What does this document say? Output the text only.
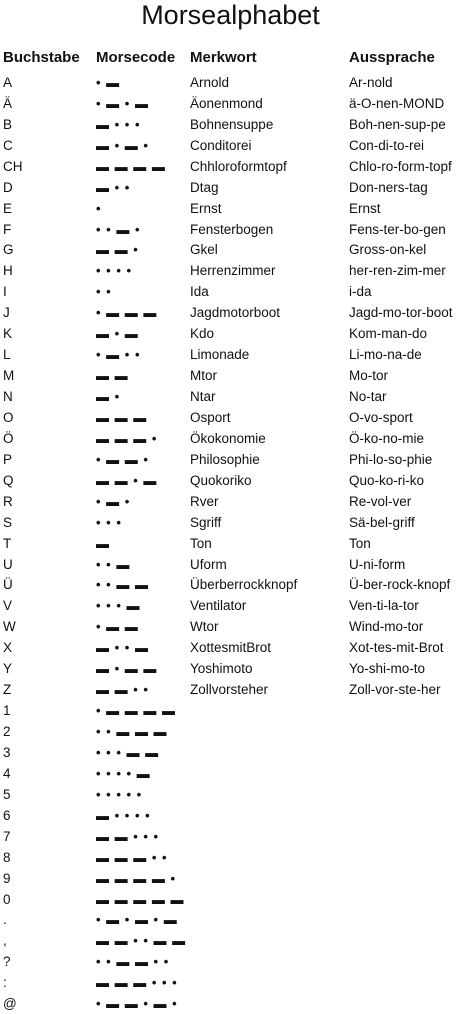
Morsealphabet
Buchstabe	Morsecode	Merkwort	Aussprache
A	• ▬	Arnold	Ar-nold
Ä	• ▬ • ▬	Äonenmond	ä-O-nen-MOND
B	▬ • • •	Bohnensuppe	Boh-nen-sup-pe
C	▬ • ▬ •	Conditorei	Con-di-to-rei
CH	▬ ▬ ▬ ▬	Chhloroformtopf	Chlo-ro-form-topf
D	▬ • •	Dtag	Don-ners-tag
E	•	Ernst	Ernst
F	• • ▬ •	Fensterbogen	Fens-ter-bo-gen
G	▬ ▬ •	Gkel	Gross-on-kel
H	• • • •	Herrenzimmer	her-ren-zim-mer
I	• •	Ida	i-da
J	• ▬ ▬ ▬	Jagdmotorboot	Jagd-mo-tor-boot
K	▬ • ▬	Kdo	Kom-man-do
L	• ▬ • •	Limonade	Li-mo-na-de
M	▬ ▬	Mtor	Mo-tor
N	▬ •	Ntar	No-tar
O	▬ ▬ ▬	Osport	O-vo-sport
Ö	▬ ▬ ▬ •	Ökokonomie	Ö-ko-no-mie
P	• ▬ ▬ •	Philosophie	Phi-lo-so-phie
Q	▬ ▬ • ▬	Quokoriko	Quo-ko-ri-ko
R	• ▬ •	Rver	Re-vol-ver
S	• • •	Sgriff	Sä-bel-griff
T	▬	Ton	Ton
U	• • ▬	Uform	U-ni-form
Ü	• • ▬ ▬	Überberrockknopf	Ü-ber-rock-knopf
V	• • • ▬	Ventilator	Ven-ti-la-tor
W	• ▬ ▬	Wtor	Wind-mo-tor
X	▬ • • ▬	XottesmitBrot	Xot-tes-mit-Brot
Y	▬ • ▬ ▬	Yoshimoto	Yo-shi-mo-to
Z	▬ ▬ • •	Zollvorsteher	Zoll-vor-ste-her
1	• ▬ ▬ ▬ ▬		
2	• • ▬ ▬ ▬		
3	• • • ▬ ▬		
4	• • • • ▬		
5	• • • • •		
6	▬ • • • •		
7	▬ ▬ • • •		
8	▬ ▬ ▬ • •		
9	▬ ▬ ▬ ▬ •		
0	▬ ▬ ▬ ▬ ▬		
.	• ▬ • ▬ • ▬		
,	▬ ▬ • • ▬ ▬		
?	• • ▬ ▬ • •		
:	▬ ▬ ▬ • • •		
@	• ▬ ▬ • ▬ •		
